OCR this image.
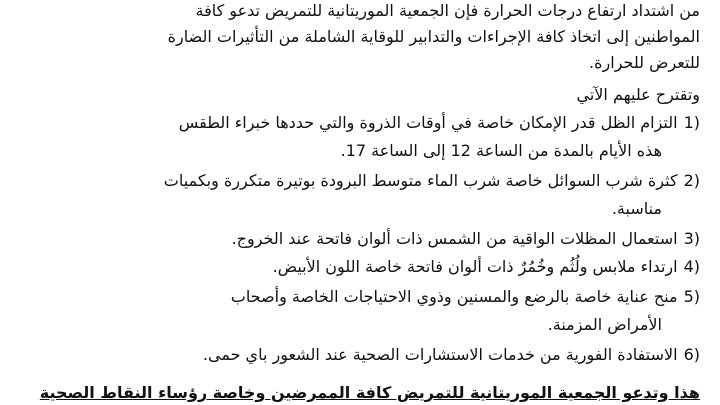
من اشتداد ارتفاع درجات الحرارة فإن الجمعية الموريتانية للتمريض تدعو كافة
المواطنين إلى اتخاذ كافة الإجراءات والتدابير للوقاية الشاملة من التأثيرات الضارة
للتعرض للحرارة.
وتقترح عليهم الآتي
(1التزام الظل قدر الإمكان خاصة في أوقات الذروة والتي حددها خبراء الطقس
هذه الأيام بالمدة من الساعة 12 إلى الساعة 17.
(2كثرة شرب السوائل خاصة شرب الماء متوسط البرودة بوتيرة متكررة وبكميات
مناسبة.
(3استعمال المظلات الواقية من الشمس ذات ألوان فاتحة عند الخروج.
(4ارتداء ملابس ولُثُم وخُمُرٌ ذات ألوان فاتحة خاصة اللون الأبيض.
(5منح عناية خاصة بالرضع والمسنين وذوي الاحتياجات الخاصة وأصحاب
الأمراض المزمنة.
(6الاستفادة الفورية من خدمات الاستشارات الصحية عند الشعور باي حمى.
هذا وتدعو الجمعية الموريتانية للتمريض كافة الممرضين وخاصة رؤساء النقاط الصحية
